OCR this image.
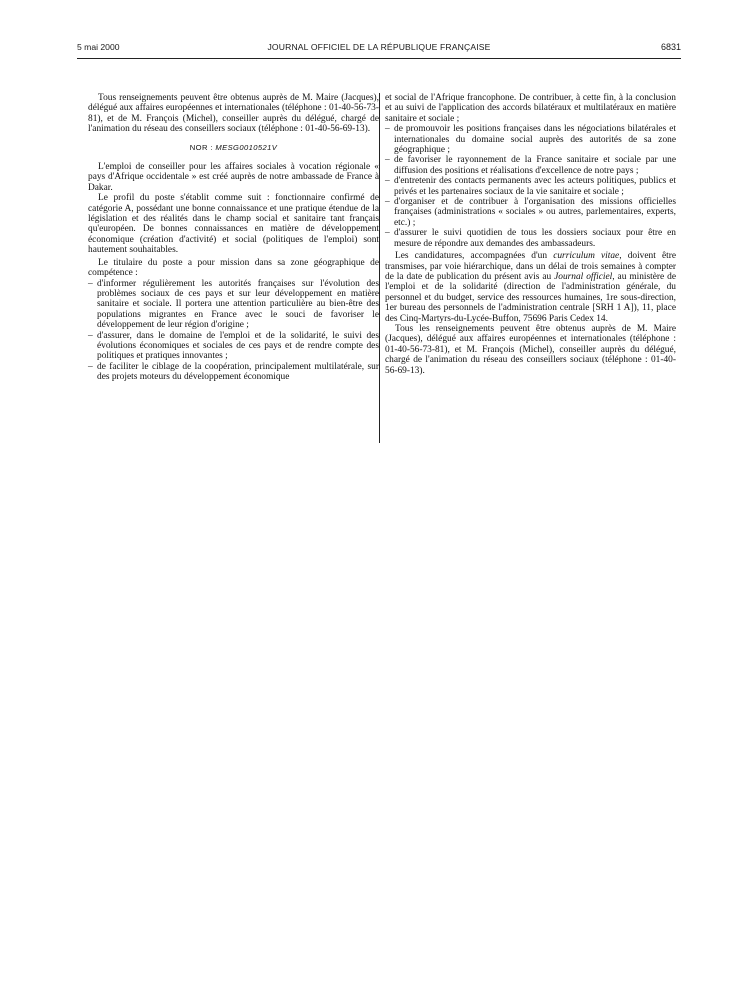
5 mai 2000	JOURNAL OFFICIEL DE LA RÉPUBLIQUE FRANÇAISE	6831

Tous renseignements peuvent être obtenus auprès de M. Maire (Jacques), délégué aux affaires européennes et internationales (téléphone : 01-40-56-73-81), et de M. François (Michel), conseiller auprès du délégué, chargé de l'animation du réseau des conseillers sociaux (téléphone : 01-40-56-69-13).

NOR : MESG0010521V

L'emploi de conseiller pour les affaires sociales à vocation régionale « pays d'Afrique occidentale » est créé auprès de notre ambassade de France à Dakar.

Le profil du poste s'établit comme suit : fonctionnaire confirmé de catégorie A, possédant une bonne connaissance et une pratique étendue de la législation et des réalités dans le champ social et sanitaire tant français qu'européen. De bonnes connaissances en matière de développement économique (création d'activité) et social (politiques de l'emploi) sont hautement souhaitables.

Le titulaire du poste a pour mission dans sa zone géographique de compétence :

– d'informer régulièrement les autorités françaises sur l'évolution des problèmes sociaux de ces pays et sur leur développement en matière sanitaire et sociale. Il portera une attention particulière au bien-être des populations migrantes en France avec le souci de favoriser le développement de leur région d'origine ;
– d'assurer, dans le domaine de l'emploi et de la solidarité, le suivi des évolutions économiques et sociales de ces pays et de rendre compte des politiques et pratiques innovantes ;
– de faciliter le ciblage de la coopération, principalement multilatérale, sur des projets moteurs du développement économique

et social de l'Afrique francophone. De contribuer, à cette fin, à la conclusion et au suivi de l'application des accords bilatéraux et multilatéraux en matière sanitaire et sociale ;

– de promouvoir les positions françaises dans les négociations bilatérales et internationales du domaine social auprès des autorités de sa zone géographique ;
– de favoriser le rayonnement de la France sanitaire et sociale par une diffusion des positions et réalisations d'excellence de notre pays ;
– d'entretenir des contacts permanents avec les acteurs politiques, publics et privés et les partenaires sociaux de la vie sanitaire et sociale ;
– d'organiser et de contribuer à l'organisation des missions officielles françaises (administrations « sociales » ou autres, parlementaires, experts, etc.) ;
– d'assurer le suivi quotidien de tous les dossiers sociaux pour être en mesure de répondre aux demandes des ambassadeurs.

Les candidatures, accompagnées d'un curriculum vitae, doivent être transmises, par voie hiérarchique, dans un délai de trois semaines à compter de la date de publication du présent avis au Journal officiel, au ministère de l'emploi et de la solidarité (direction de l'administration générale, du personnel et du budget, service des ressources humaines, 1re sous-direction, 1er bureau des personnels de l'administration centrale [SRH 1 A]), 11, place des Cinq-Martyrs-du-Lycée-Buffon, 75696 Paris Cedex 14.

Tous les renseignements peuvent être obtenus auprès de M. Maire (Jacques), délégué aux affaires européennes et internationales (téléphone : 01-40-56-73-81), et M. François (Michel), conseiller auprès du délégué, chargé de l'animation du réseau des conseillers sociaux (téléphone : 01-40-56-69-13).
